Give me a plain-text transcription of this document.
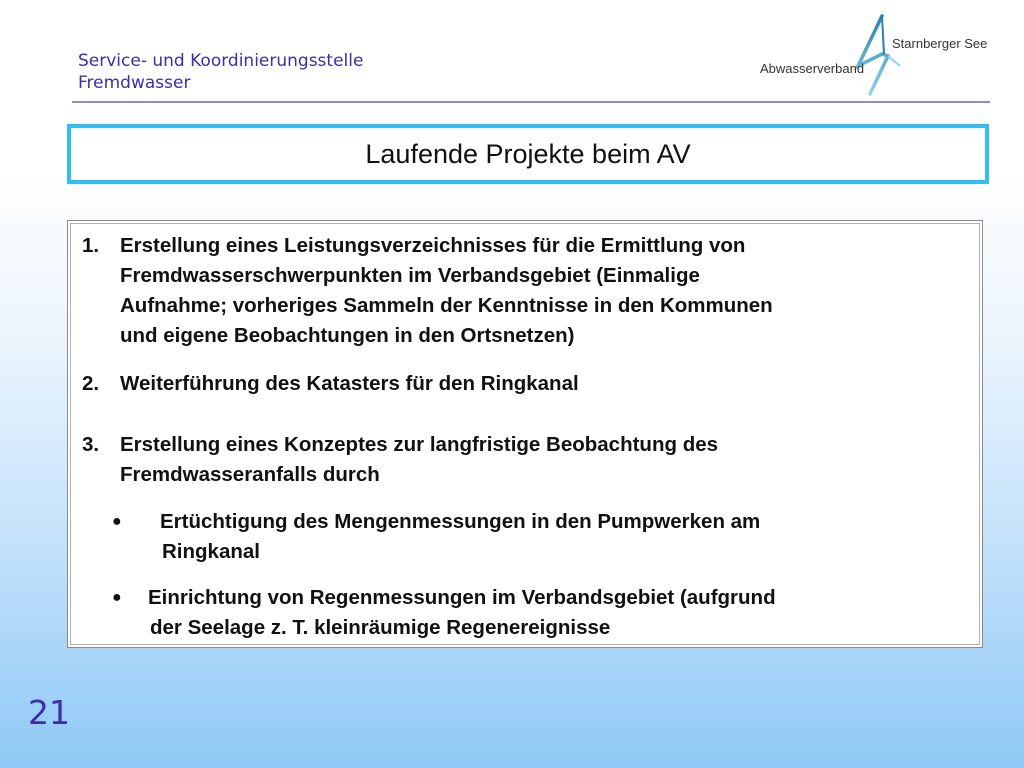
Service- und Koordinierungsstelle
Fremdwasser
Starnberger See
Abwasserverband
Laufende Projekte beim AV
1. Erstellung eines Leistungsverzeichnisses für die Ermittlung von
Fremdwasserschwerpunkten im Verbandsgebiet (Einmalige
Aufnahme; vorheriges Sammeln der Kenntnisse in den Kommunen
und eigene Beobachtungen in den Ortsnetzen)
2. Weiterführung des Katasters für den Ringkanal
3. Erstellung eines Konzeptes zur langfristige Beobachtung des
Fremdwasseranfalls durch
● Ertüchtigung des Mengenmessungen in den Pumpwerken am
Ringkanal
● Einrichtung von Regenmessungen im Verbandsgebiet (aufgrund
der Seelage z. T. kleinräumige Regenereignisse
21
